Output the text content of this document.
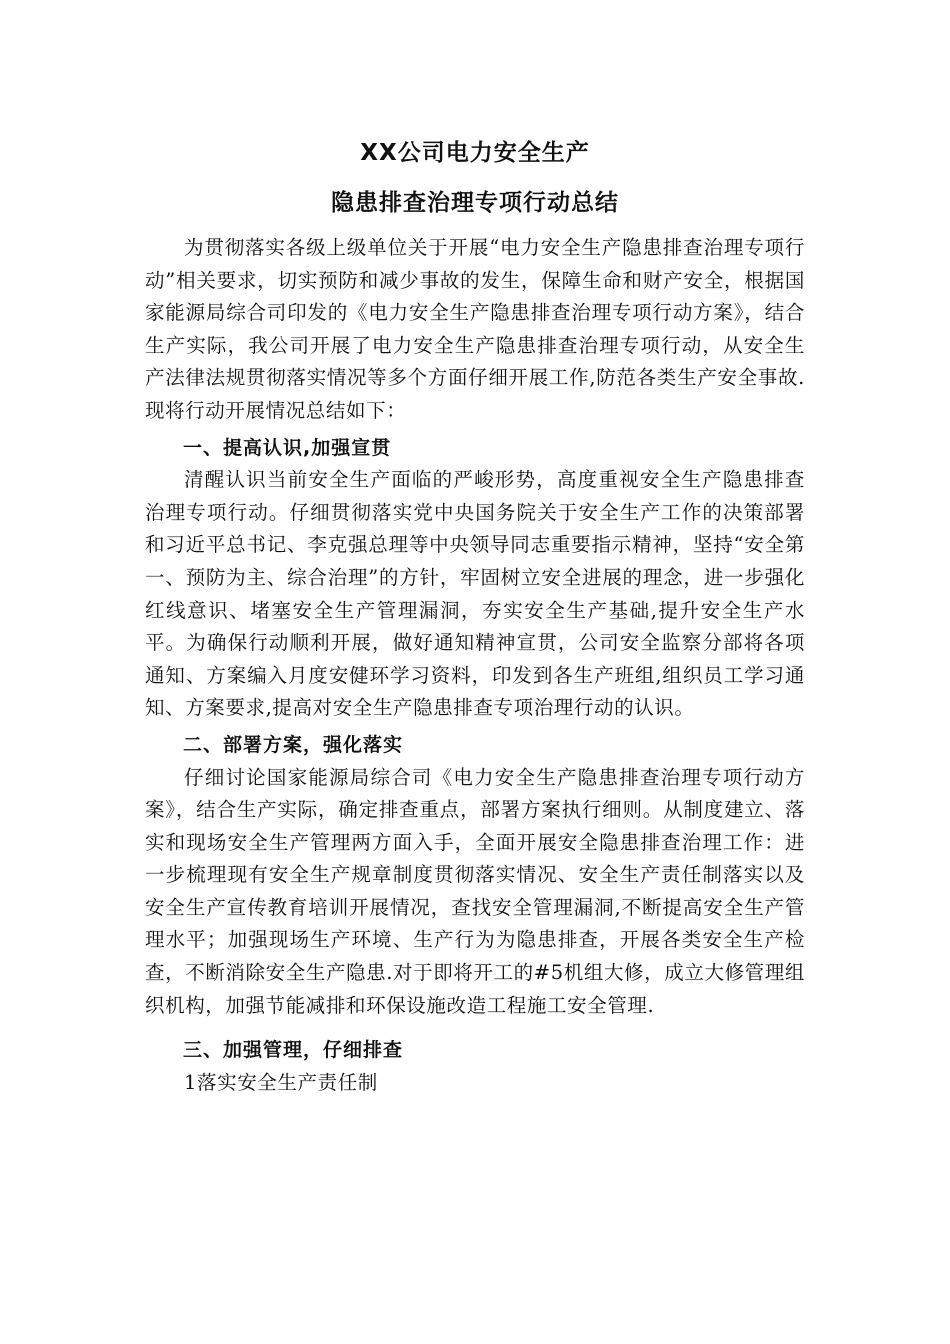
XX公司电力安全生产
隐患排查治理专项行动总结

为贯彻落实各级上级单位关于开展“电力安全生产隐患排查治理专项行动”相关要求，切实预防和减少事故的发生，保障生命和财产安全，根据国家能源局综合司印发的《电力安全生产隐患排查治理专项行动方案》，结合生产实际，我公司开展了电力安全生产隐患排查治理专项行动，从安全生产法律法规贯彻落实情况等多个方面仔细开展工作,防范各类生产安全事故.现将行动开展情况总结如下：

一、提高认识,加强宣贯

清醒认识当前安全生产面临的严峻形势，高度重视安全生产隐患排查治理专项行动。仔细贯彻落实党中央国务院关于安全生产工作的决策部署和习近平总书记、李克强总理等中央领导同志重要指示精神，坚持“安全第一、预防为主、综合治理”的方针，牢固树立安全进展的理念，进一步强化红线意识、堵塞安全生产管理漏洞，夯实安全生产基础,提升安全生产水平。为确保行动顺利开展，做好通知精神宣贯，公司安全监察分部将各项通知、方案编入月度安健环学习资料，印发到各生产班组,组织员工学习通知、方案要求,提高对安全生产隐患排查专项治理行动的认识。

二、部署方案，强化落实

仔细讨论国家能源局综合司《电力安全生产隐患排查治理专项行动方案》，结合生产实际，确定排查重点，部署方案执行细则。从制度建立、落实和现场安全生产管理两方面入手，全面开展安全隐患排查治理工作：进一步梳理现有安全生产规章制度贯彻落实情况、安全生产责任制落实以及安全生产宣传教育培训开展情况，查找安全管理漏洞,不断提高安全生产管理水平；加强现场生产环境、生产行为为隐患排查，开展各类安全生产检查，不断消除安全生产隐患.对于即将开工的#5机组大修，成立大修管理组织机构，加强节能减排和环保设施改造工程施工安全管理.

三、加强管理，仔细排查

1落实安全生产责任制
